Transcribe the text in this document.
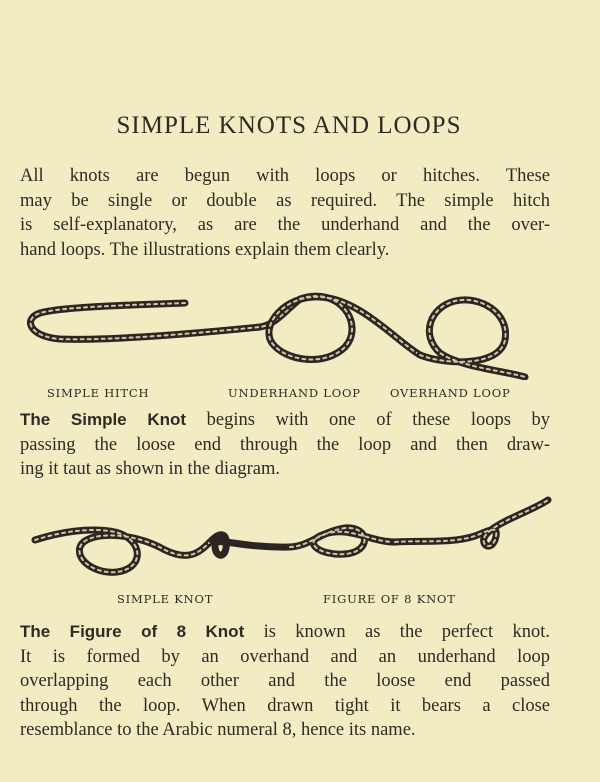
SIMPLE KNOTS AND LOOPS
All knots are begun with loops or hitches. These
may be single or double as required. The simple hitch
is self-explanatory, as are the underhand and the over-
hand loops. The illustrations explain them clearly.
SIMPLE HITCH	UNDERHAND LOOP	OVERHAND LOOP
The Simple Knot begins with one of these loops by
passing the loose end through the loop and then draw-
ing it taut as shown in the diagram.
SIMPLE KNOT	FIGURE OF 8 KNOT
The Figure of 8 Knot is known as the perfect knot.
It is formed by an overhand and an underhand loop
overlapping each other and the loose end passed
through the loop. When drawn tight it bears a close
resemblance to the Arabic numeral 8, hence its name.
